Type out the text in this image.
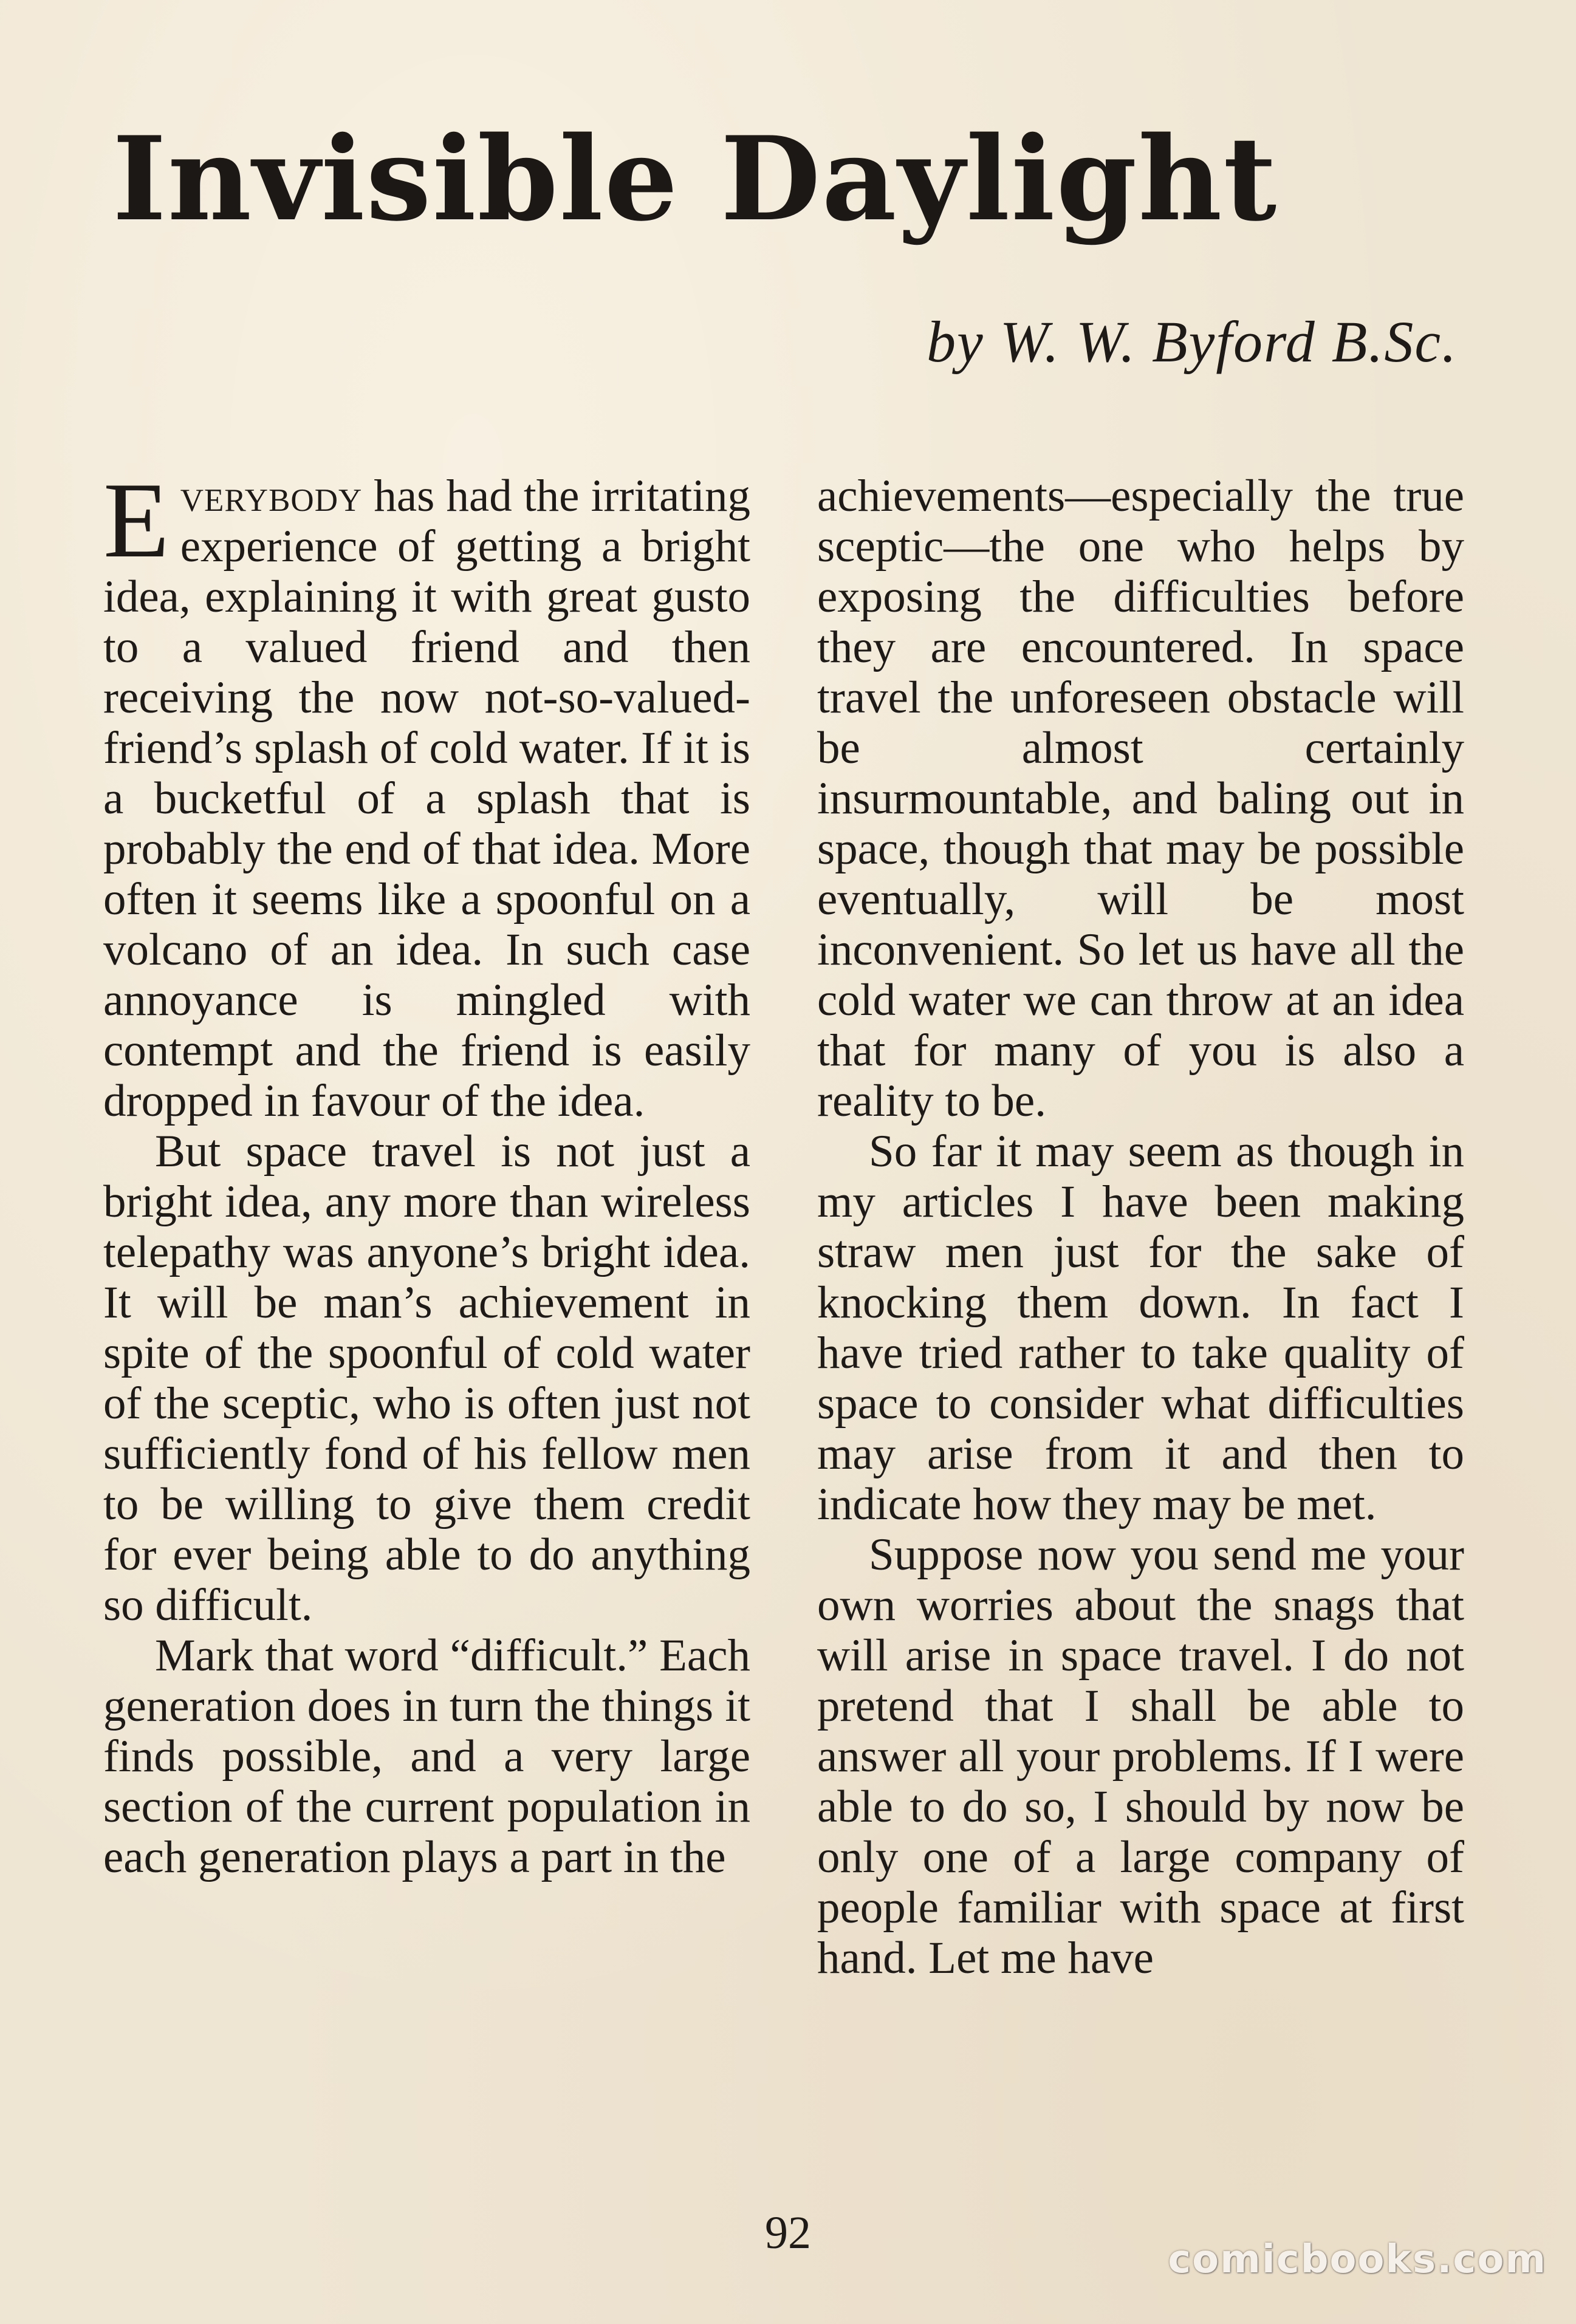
Invisible Daylight

by W. W. Byford B.Sc.

Everybody has had the irritating experience of getting a bright idea, explaining it with great gusto to a valued friend and then receiving the now not-so-valued-friend’s splash of cold water. If it is a bucketful of a splash that is probably the end of that idea. More often it seems like a spoonful on a volcano of an idea. In such case annoyance is mingled with contempt and the friend is easily dropped in favour of the idea.

But space travel is not just a bright idea, any more than wireless telepathy was anyone’s bright idea. It will be man’s achievement in spite of the spoonful of cold water of the sceptic, who is often just not sufficiently fond of his fellow men to be willing to give them credit for ever being able to do anything so difficult.

Mark that word “difficult.” Each generation does in turn the things it finds possible, and a very large section of the current population in each generation plays a part in the

achievements—especially the true sceptic—the one who helps by exposing the difficulties before they are encountered. In space travel the unforeseen obstacle will be almost certainly insurmountable, and baling out in space, though that may be possible eventually, will be most inconvenient. So let us have all the cold water we can throw at an idea that for many of you is also a reality to be.

So far it may seem as though in my articles I have been making straw men just for the sake of knocking them down. In fact I have tried rather to take quality of space to consider what difficulties may arise from it and then to indicate how they may be met.

Suppose now you send me your own worries about the snags that will arise in space travel. I do not pretend that I shall be able to answer all your problems. If I were able to do so, I should by now be only one of a large company of people familiar with space at first hand. Let me have

92
comicbooks.com
